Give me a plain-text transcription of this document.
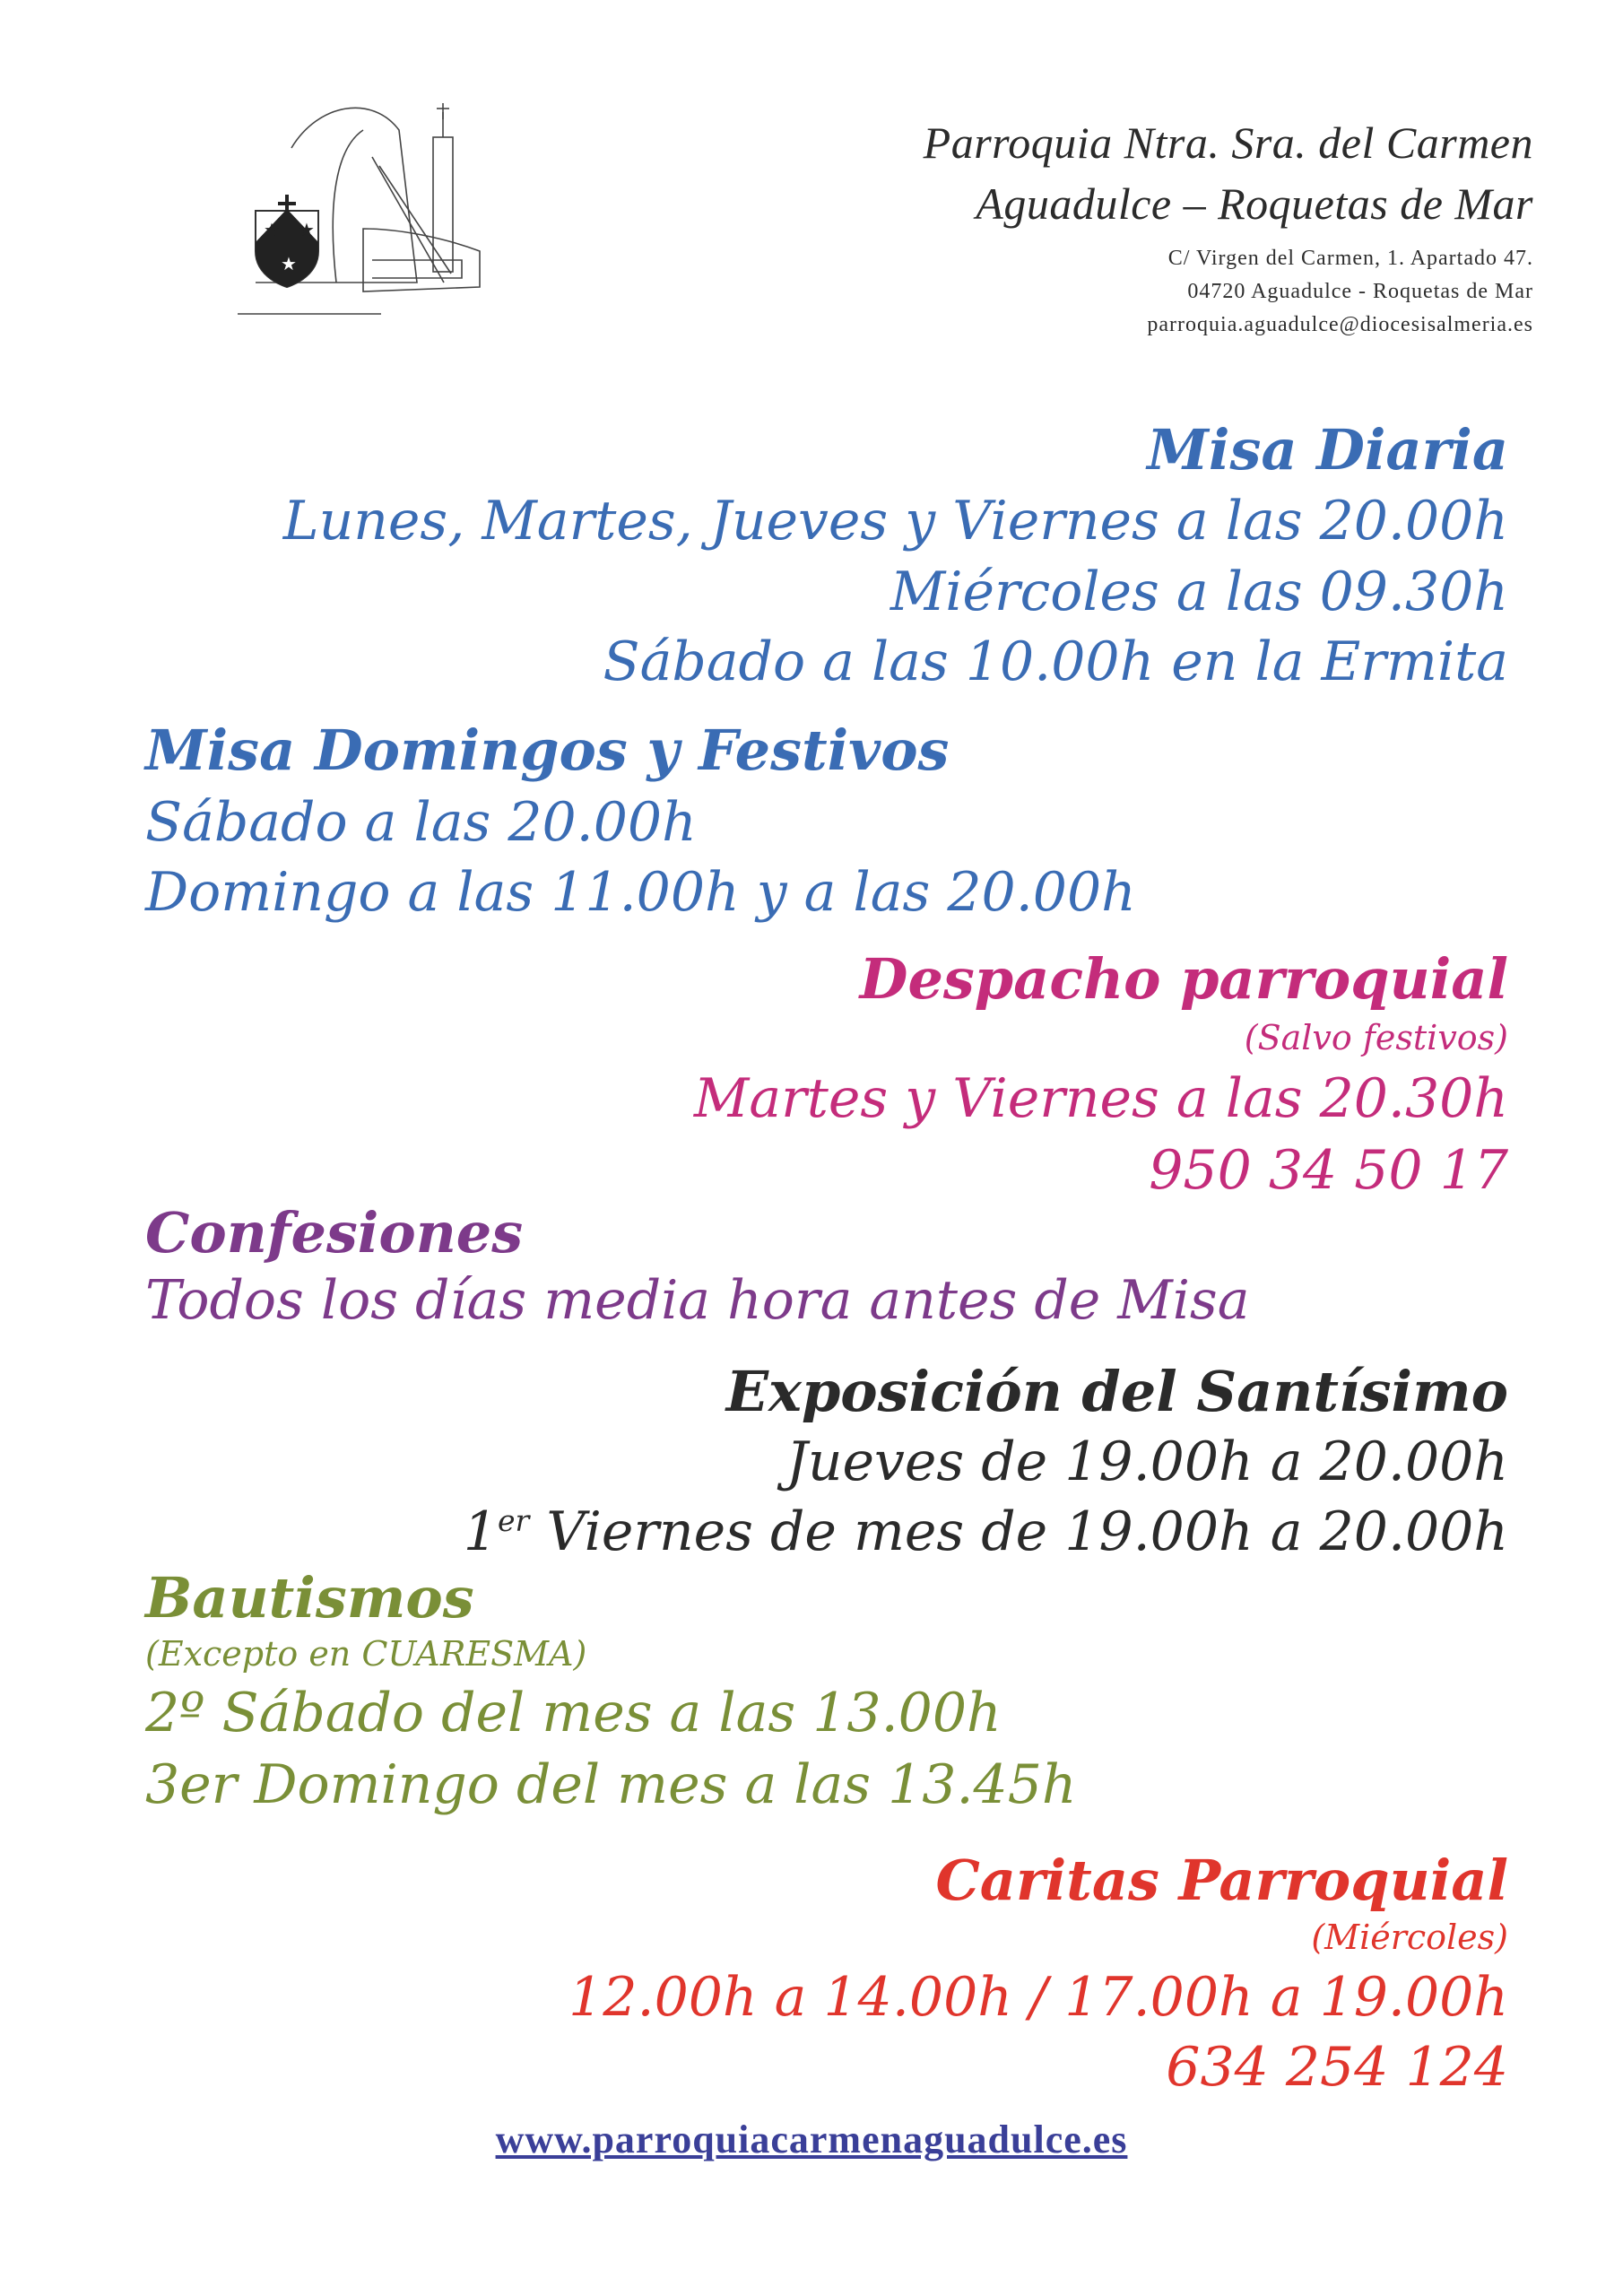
★ ★
★
Parroquia Ntra. Sra. del Carmen
Aguadulce – Roquetas de Mar
C/ Virgen del Carmen, 1. Apartado 47.
04720 Aguadulce - Roquetas de Mar
parroquia.aguadulce@diocesisalmeria.es
Misa Diaria
Lunes, Martes, Jueves y Viernes a las 20.00h
Miércoles a las 09.30h
Sábado a las 10.00h en la Ermita
Misa Domingos y Festivos
Sábado a las 20.00h
Domingo a las 11.00h y a las 20.00h
Despacho parroquial
(Salvo festivos)
Martes y Viernes a las 20.30h
950 34 50 17
Confesiones
Todos los días media hora antes de Misa
Exposición del Santísimo
Jueves de 19.00h a 20.00h
1er Viernes de mes de 19.00h a 20.00h
Bautismos
(Excepto en CUARESMA)
2º Sábado del mes a las 13.00h
3er Domingo del mes a las 13.45h
Caritas Parroquial
(Miércoles)
12.00h a 14.00h / 17.00h a 19.00h
634 254 124
www.parroquiacarmenaguadulce.es
